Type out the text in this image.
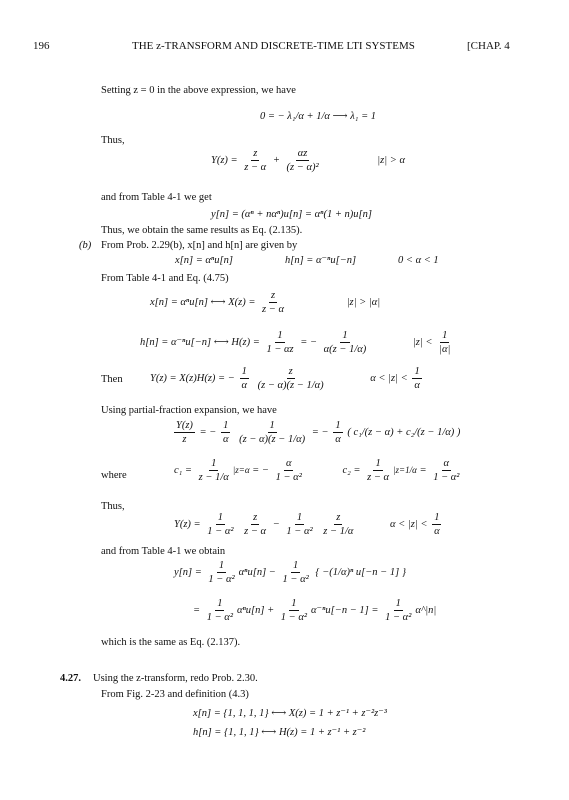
196	THE z-TRANSFORM AND DISCRETE-TIME LTI SYSTEMS	[CHAP. 4
Setting z = 0 in the above expression, we have
0 = − λ₁/α + 1/α ⟶ λ₁ = 1
Thus,
$Y(z) = \frac{z}{z - \alpha} + \frac{\alpha z}{\text{(z − α)²}}$	|z| > α
and from Table 4-1 we get
y[n] = (αⁿ + nαⁿ)u[n] = αⁿ(1 + n)u[n]
Thus, we obtain the same results as Eq. (2.135).
(b) From Prob. 2.29(b), x[n] and h[n] are given by
x[n] = αⁿu[n]	h[n] = α⁻ⁿu[−n]	0 < α < 1
From Table 4-1 and Eq. (4.75)
x[n] = αⁿu[n] ⟷ $X(z) = \frac{z}{z - \alpha}$	|z| > |α|
h[n] = α⁻ⁿu[−n] ⟷ $H(z) = \frac{1}{1 - \alpha z}$ = − $\frac{1}{\alpha(z - 1/\alpha)}$	$|z| < \frac{1}{|\alpha|}$
Then	Y(z) = X(z)H(z) = − $\frac{1}{\alpha}$
$\frac{z}{(z - \alpha)(z - 1/\alpha)}$	$\alpha < |z| < \frac{1}{\alpha}$
Using partial-fraction expansion, we have
$\frac{Y(z)}{z}$ = − $\frac{1}{\alpha}$
$\frac{1}{(z - \alpha)(z - 1/\alpha)}$ = − $\frac{1}{\alpha}$ ( c₁/(z − α) + c₂/(z − 1/α) )
where	$c_1 = \frac{1}{z - 1/\alpha} |z=\alpha$ = − $\frac{\alpha}{\text{1 − α²}}$	$c_2 = \frac{1}{z - \alpha} |z=1/\alpha = \frac{\alpha}{\text{1 − α²}}$
Thus,
$Y(z) = \frac{1}{\text{1 − α²}}$
$\frac{z}{z - \alpha} - \frac{1}{\text{1 − α²}}$
$\frac{z}{z - 1/\alpha}$	$\alpha < |z| < \frac{1}{\alpha}$
and from Table 4-1 we obtain
$y[n] = \frac{1}{\text{1 − α²}} \alpha^nu[n] - \frac{1}{\text{1 − α²}}$ { −(1/α)ⁿ u[−n − 1] }
= $\frac{1}{\text{1 − α²}} \alpha^nu[n] + \frac{1}{\text{1 − α²}} \alpha^{-n}u[-n - 1] = \frac{1}{\text{1 − α²}}$ α^|n|
which is the same as Eq. (2.137).
4.27. Using the z-transform, redo Prob. 2.30.
From Fig. 2-23 and definition (4.3)
x[n] = {1, 1, 1, 1} ⟷ X(z) = 1 + z⁻¹ + z⁻²z⁻³
h[n] = {1, 1, 1} ⟷ H(z) = 1 + z⁻¹ + z⁻²
